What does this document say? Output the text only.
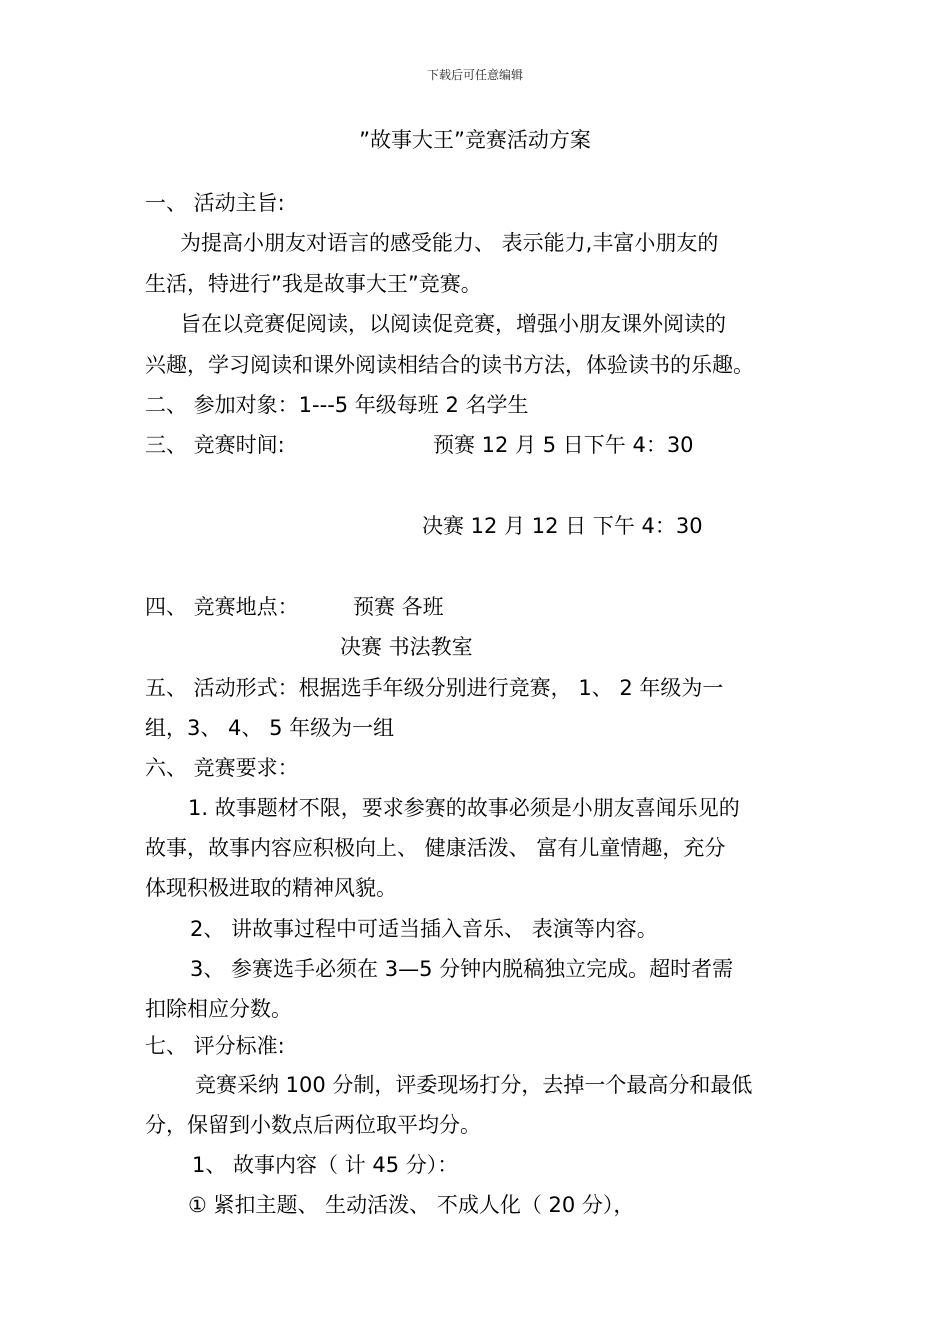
下载后可任意编辑
”故事大王”竞赛活动方案
一、 活动主旨:
为提高小朋友对语言的感受能力、 表示能力,丰富小朋友的
生活，特进行”我是故事大王”竞赛。
旨在以竞赛促阅读，以阅读促竞赛，增强小朋友课外阅读的
兴趣，学习阅读和课外阅读相结合的读书方法，体验读书的乐趣。
二、 参加对象：1---5 年级每班 2 名学生
三、 竞赛时间:	预赛 12 月 5 日下午 4：30
决赛 12 月 12 日 下午 4：30
四、 竞赛地点：	预赛 各班
决赛 书法教室
五、 活动形式：根据选手年级分别进行竞赛， 1、 2 年级为一
组，3、 4、 5 年级为一组
六、 竞赛要求：
1. 故事题材不限，要求参赛的故事必须是小朋友喜闻乐见的
故事，故事内容应积极向上、 健康活泼、 富有儿童情趣，充分
体现积极进取的精神风貌。
2、 讲故事过程中可适当插入音乐、 表演等内容。
3、 参赛选手必须在 3—5 分钟内脱稿独立完成。超时者需
扣除相应分数。
七、 评分标准:
竞赛采纳 100 分制，评委现场打分，去掉一个最高分和最低
分，保留到小数点后两位取平均分。
1、 故事内容（ 计 45 分）：
① 紧扣主题、 生动活泼、 不成人化（ 20 分），
